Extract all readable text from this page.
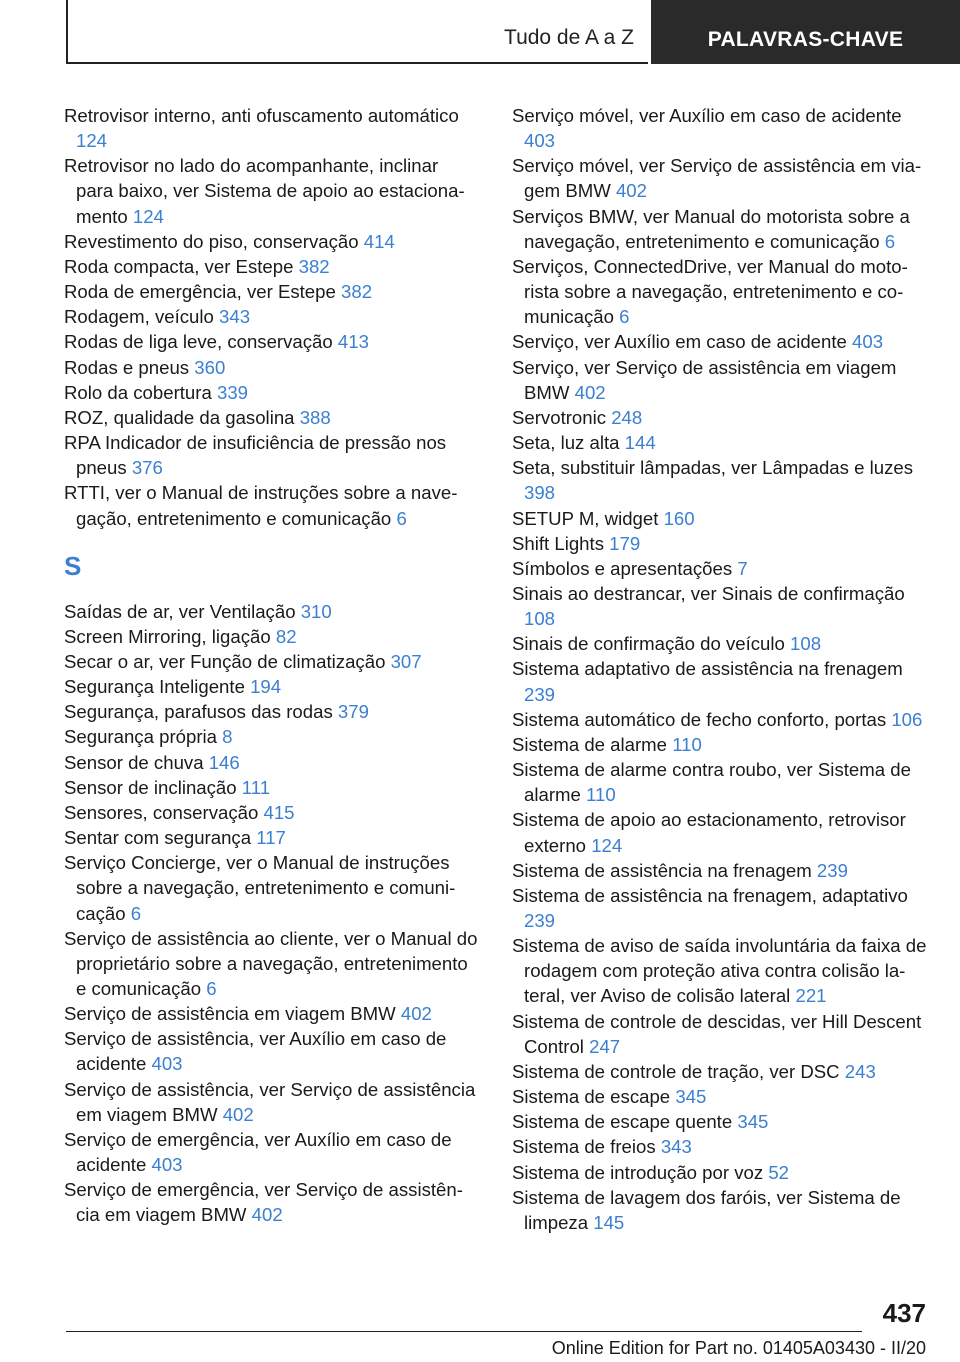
Tudo de A a Z	PALAVRAS-CHAVE
Retrovisor interno, anti ofuscamento automático 124
Retrovisor no lado do acompanhante, inclinar para baixo, ver Sistema de apoio ao estacionamento 124
Revestimento do piso, conservação 414
Roda compacta, ver Estepe 382
Roda de emergência, ver Estepe 382
Rodagem, veículo 343
Rodas de liga leve, conservação 413
Rodas e pneus 360
Rolo da cobertura 339
ROZ, qualidade da gasolina 388
RPA Indicador de insuficiência de pressão nos pneus 376
RTTI, ver o Manual de instruções sobre a navegação, entretenimento e comunicação 6
S
Saídas de ar, ver Ventilação 310
Screen Mirroring, ligação 82
Secar o ar, ver Função de climatização 307
Segurança Inteligente 194
Segurança, parafusos das rodas 379
Segurança própria 8
Sensor de chuva 146
Sensor de inclinação 111
Sensores, conservação 415
Sentar com segurança 117
Serviço Concierge, ver o Manual de instruções sobre a navegação, entretenimento e comunicação 6
Serviço de assistência ao cliente, ver o Manual do proprietário sobre a navegação, entretenimento e comunicação 6
Serviço de assistência em viagem BMW 402
Serviço de assistência, ver Auxílio em caso de acidente 403
Serviço de assistência, ver Serviço de assistência em viagem BMW 402
Serviço de emergência, ver Auxílio em caso de acidente 403
Serviço de emergência, ver Serviço de assistência em viagem BMW 402
Serviço móvel, ver Auxílio em caso de acidente 403
Serviço móvel, ver Serviço de assistência em viagem BMW 402
Serviços BMW, ver Manual do motorista sobre a navegação, entretenimento e comunicação 6
Serviços, ConnectedDrive, ver Manual do motorista sobre a navegação, entretenimento e comunicação 6
Serviço, ver Auxílio em caso de acidente 403
Serviço, ver Serviço de assistência em viagem BMW 402
Servotronic 248
Seta, luz alta 144
Seta, substituir lâmpadas, ver Lâmpadas e luzes 398
SETUP M, widget 160
Shift Lights 179
Símbolos e apresentações 7
Sinais ao destrancar, ver Sinais de confirmação 108
Sinais de confirmação do veículo 108
Sistema adaptativo de assistência na frenagem 239
Sistema automático de fecho conforto, portas 106
Sistema de alarme 110
Sistema de alarme contra roubo, ver Sistema de alarme 110
Sistema de apoio ao estacionamento, retrovisor externo 124
Sistema de assistência na frenagem 239
Sistema de assistência na frenagem, adaptativo 239
Sistema de aviso de saída involuntária da faixa de rodagem com proteção ativa contra colisão lateral, ver Aviso de colisão lateral 221
Sistema de controle de descidas, ver Hill Descent Control 247
Sistema de controle de tração, ver DSC 243
Sistema de escape 345
Sistema de escape quente 345
Sistema de freios 343
Sistema de introdução por voz 52
Sistema de lavagem dos faróis, ver Sistema de limpeza 145
437
Online Edition for Part no. 01405A03430 - II/20
